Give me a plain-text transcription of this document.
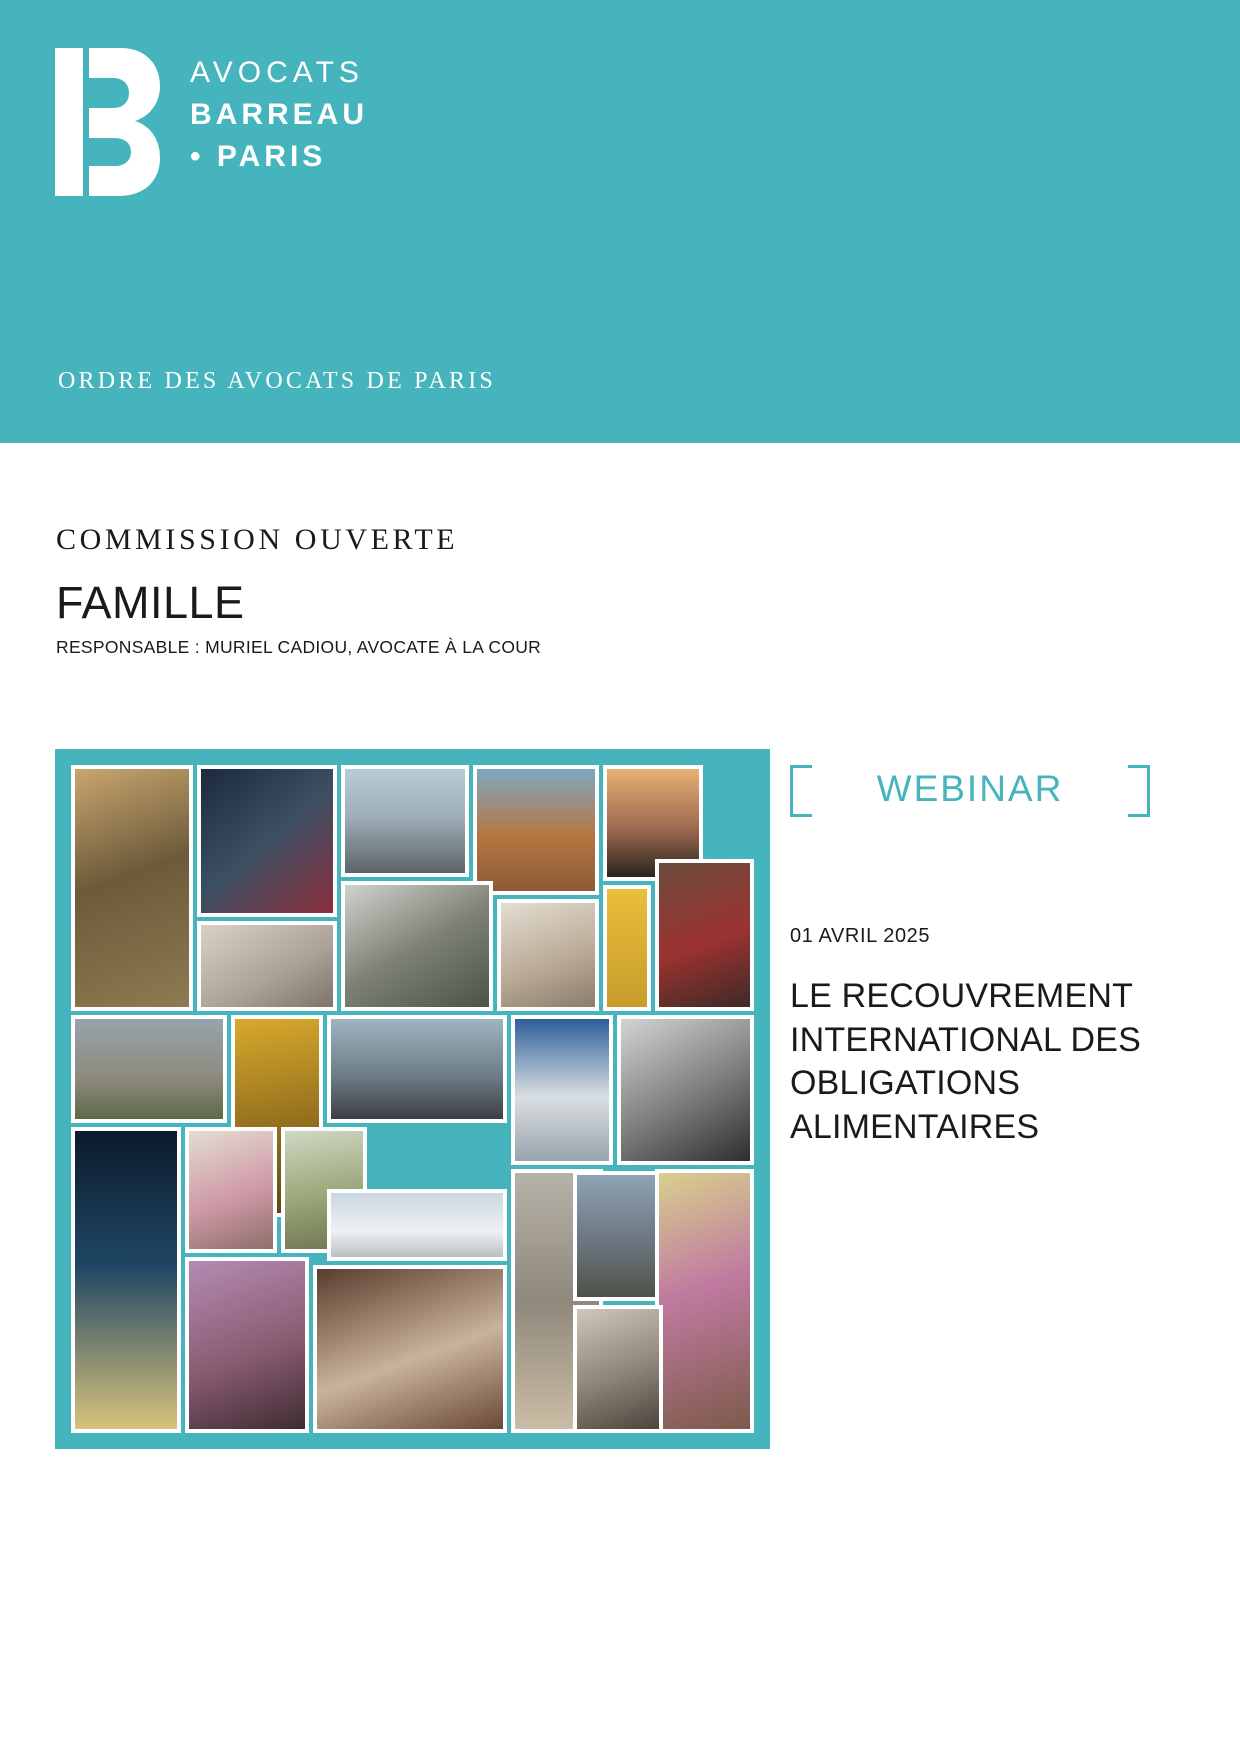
AVOCATS
BARREAU
• PARIS
ORDRE DES AVOCATS DE PARIS
COMMISSION OUVERTE
FAMILLE
RESPONSABLE : MURIEL CADIOU, AVOCATE À LA COUR
WEBINAR
01 AVRIL 2025
LE RECOUVREMENT INTERNATIONAL DES OBLIGATIONS ALIMENTAIRES
